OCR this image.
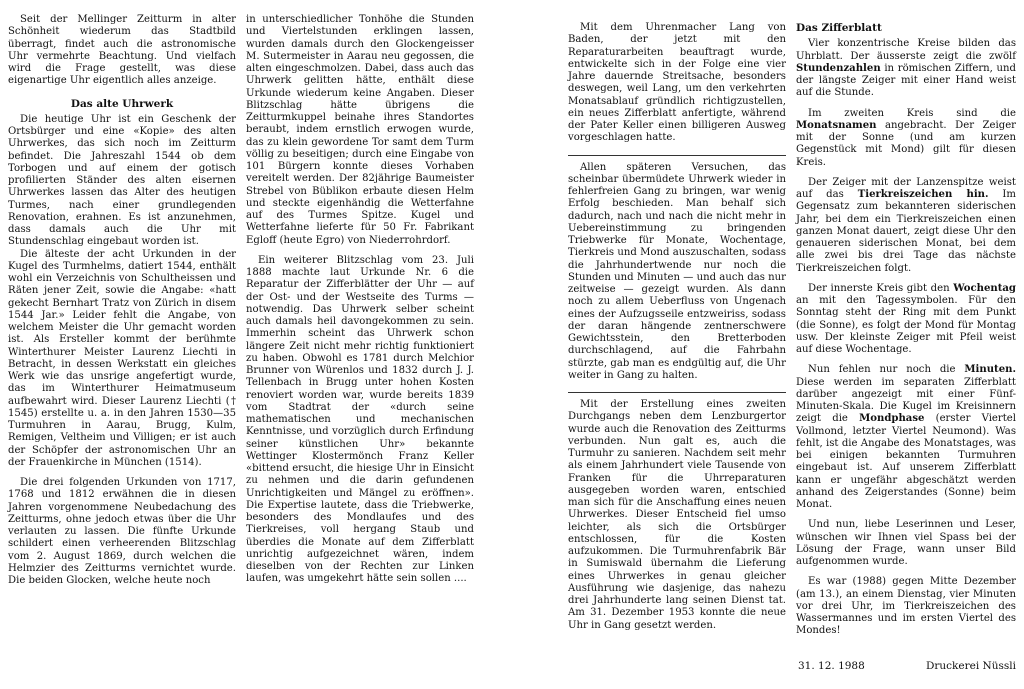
Seit der Mellinger Zeitturm in alter Schönheit wiederum das Stadtbild überragt, findet auch die astronomische Uhr vermehrte Beachtung. Und vielfach wird die Frage gestellt, was diese eigenartige Uhr eigentlich alles anzeige.

Das alte Uhrwerk

Die heutige Uhr ist ein Geschenk der Ortsbürger und eine «Kopie» des alten Uhrwerkes, das sich noch im Zeitturm befindet. Die Jahreszahl 1544 ob dem Torbogen und auf einem der gotisch profilierten Ständer des alten eisernen Uhrwerkes lassen das Alter des heutigen Turmes, nach einer grundlegenden Renovation, erahnen. Es ist anzunehmen, dass damals auch die Uhr mit Stundenschlag eingebaut worden ist.

Die älteste der acht Urkunden in der Kugel des Turmhelms, datiert 1544, enthält wohl ein Verzeichnis von Schultheissen und Räten jener Zeit, sowie die Angabe: «hatt gekecht Bernhart Tratz von Zürich in disem 1544 Jar.» Leider fehlt die Angabe, von welchem Meister die Uhr gemacht worden ist. Als Ersteller kommt der berühmte Winterthurer Meister Laurenz Liechti in Betracht, in dessen Werkstatt ein gleiches Werk wie das unsrige angefertigt wurde, das im Winterthurer Heimatmuseum aufbewahrt wird. Dieser Laurenz Liechti († 1545) erstellte u. a. in den Jahren 1530—35 Turmuhren in Aarau, Brugg, Kulm, Remigen, Veltheim und Villigen; er ist auch der Schöpfer der astronomischen Uhr an der Frauenkirche in München (1514).

Die drei folgenden Urkunden von 1717, 1768 und 1812 erwähnen die in diesen Jahren vorgenommene Neubedachung des Zeitturms, ohne jedoch etwas über die Uhr verlauten zu lassen. Die fünfte Urkunde schildert einen verheerenden Blitzschlag vom 2. August 1869, durch welchen die Helmzier des Zeitturms vernichtet wurde. Die beiden Glocken, welche heute noch

in unterschiedlicher Tonhöhe die Stunden und Viertelstunden erklingen lassen, wurden damals durch den Glockengeisser M. Sutermeister in Aarau neu gegossen, die alten eingeschmolzen. Dabei, dass auch das Uhrwerk gelitten hätte, enthält diese Urkunde wiederum keine Angaben. Dieser Blitzschlag hätte übrigens die Zeitturmkuppel beinahe ihres Standortes beraubt, indem ernstlich erwogen wurde, das zu klein gewordene Tor samt dem Turm völlig zu beseitigen; durch eine Eingabe von 101 Bürgern konnte dieses Vorhaben vereitelt werden. Der 82jährige Baumeister Strebel von Büblikon erbaute diesen Helm und steckte eigenhändig die Wetterfahne auf des Turmes Spitze. Kugel und Wetterfahne lieferte für 50 Fr. Fabrikant Egloff (heute Egro) von Niederrohrdorf.

Ein weiterer Blitzschlag vom 23. Juli 1888 machte laut Urkunde Nr. 6 die Reparatur der Zifferblätter der Uhr — auf der Ost- und der Westseite des Turms — notwendig. Das Uhrwerk selber scheint auch damals heil davongekommen zu sein. Immerhin scheint das Uhrwerk schon längere Zeit nicht mehr richtig funktioniert zu haben. Obwohl es 1781 durch Melchior Brunner von Würenlos und 1832 durch J. J. Tellenbach in Brugg unter hohen Kosten renoviert worden war, wurde bereits 1839 vom Stadtrat der «durch seine mathematischen und mechanischen Kenntnisse, und vorzüglich durch Erfindung seiner künstlichen Uhr» bekannte Wettinger Klostermönch Franz Keller «bittend ersucht, die hiesige Uhr in Einsicht zu nehmen und die darin gefundenen Unrichtigkeiten und Mängel zu eröffnen». Die Expertise lautete, dass die Triebwerke, besonders des Mondlaufes und des Tierkreises, voll hergang Staub und überdies die Monate auf dem Zifferblatt unrichtig aufgezeichnet wären, indem dieselben von der Rechten zur Linken laufen, was umgekehrt hätte sein sollen ....

Mit dem Uhrenmacher Lang von Baden, der jetzt mit den Reparaturarbeiten beauftragt wurde, entwickelte sich in der Folge eine vier Jahre dauernde Streitsache, besonders deswegen, weil Lang, um den verkehrten Monatsablauf gründlich richtigzustellen, ein neues Zifferblatt anfertigte, während der Pater Keller einen billigeren Ausweg vorgeschlagen hatte.

Allen späteren Versuchen, das scheinbar übermüdete Uhrwerk wieder in fehlerfreien Gang zu bringen, war wenig Erfolg beschieden. Man behalf sich dadurch, nach und nach die nicht mehr in Uebereinstimmung zu bringenden Triebwerke für Monate, Wochentage, Tierkreis und Mond auszuschalten, sodass die Jahrhundertwende nur noch die Stunden und Minuten — und auch das nur zeitweise — gezeigt wurden. Als dann noch zu allem Ueberfluss von Ungenach eines der Aufzugsseile entzweiriss, sodass der daran hängende zentnerschwere Gewichtsstein, den Bretterboden durchschlagend, auf die Fahrbahn stürzte, gab man es endgültig auf, die Uhr weiter in Gang zu halten.

Mit der Erstellung eines zweiten Durchgangs neben dem Lenzburgertor wurde auch die Renovation des Zeitturms verbunden. Nun galt es, auch die Turmuhr zu sanieren. Nachdem seit mehr als einem Jahrhundert viele Tausende von Franken für die Uhrreparaturen ausgegeben worden waren, entschied man sich für die Anschaffung eines neuen Uhrwerkes. Dieser Entscheid fiel umso leichter, als sich die Ortsbürger entschlossen, für die Kosten aufzukommen. Die Turmuhrenfabrik Bär in Sumiswald übernahm die Lieferung eines Uhrwerkes in genau gleicher Ausführung wie dasjenige, das nahezu drei Jahrhunderte lang seinen Dienst tat. Am 31. Dezember 1953 konnte die neue Uhr in Gang gesetzt werden.

Das Zifferblatt

Vier konzentrische Kreise bilden das Uhrblatt. Der äusserste zeigt die zwölf Stundenzahlen in römischen Ziffern, und der längste Zeiger mit einer Hand weist auf die Stunde.

Im zweiten Kreis sind die Monatsnamen angebracht. Der Zeiger mit der Sonne (und am kurzen Gegenstück mit Mond) gilt für diesen Kreis.

Der Zeiger mit der Lanzenspitze weist auf das Tierkreiszeichen hin. Im Gegensatz zum bekannteren siderischen Jahr, bei dem ein Tierkreiszeichen einen ganzen Monat dauert, zeigt diese Uhr den genaueren siderischen Monat, bei dem alle zwei bis drei Tage das nächste Tierkreiszeichen folgt.

Der innerste Kreis gibt den Wochentag an mit den Tagessymbolen. Für den Sonntag steht der Ring mit dem Punkt (die Sonne), es folgt der Mond für Montag usw. Der kleinste Zeiger mit Pfeil weist auf diese Wochentage.

Nun fehlen nur noch die Minuten. Diese werden im separaten Zifferblatt darüber angezeigt mit einer Fünf-Minuten-Skala. Die Kugel im Kreisinnern zeigt die Mondphase (erster Viertel Vollmond, letzter Viertel Neumond). Was fehlt, ist die Angabe des Monatstages, was bei einigen bekannten Turmuhren eingebaut ist. Auf unserem Zifferblatt kann er ungefähr abgeschätzt werden anhand des Zeigerstandes (Sonne) beim Monat.

Und nun, liebe Leserinnen und Leser, wünschen wir Ihnen viel Spass bei der Lösung der Frage, wann unser Bild aufgenommen wurde.

Es war (1988) gegen Mitte Dezember (am 13.), an einem Dienstag, vier Minuten vor drei Uhr, im Tierkreiszeichen des Wassermannes und im ersten Viertel des Mondes!

31. 12. 1988	Druckerei Nüssli
